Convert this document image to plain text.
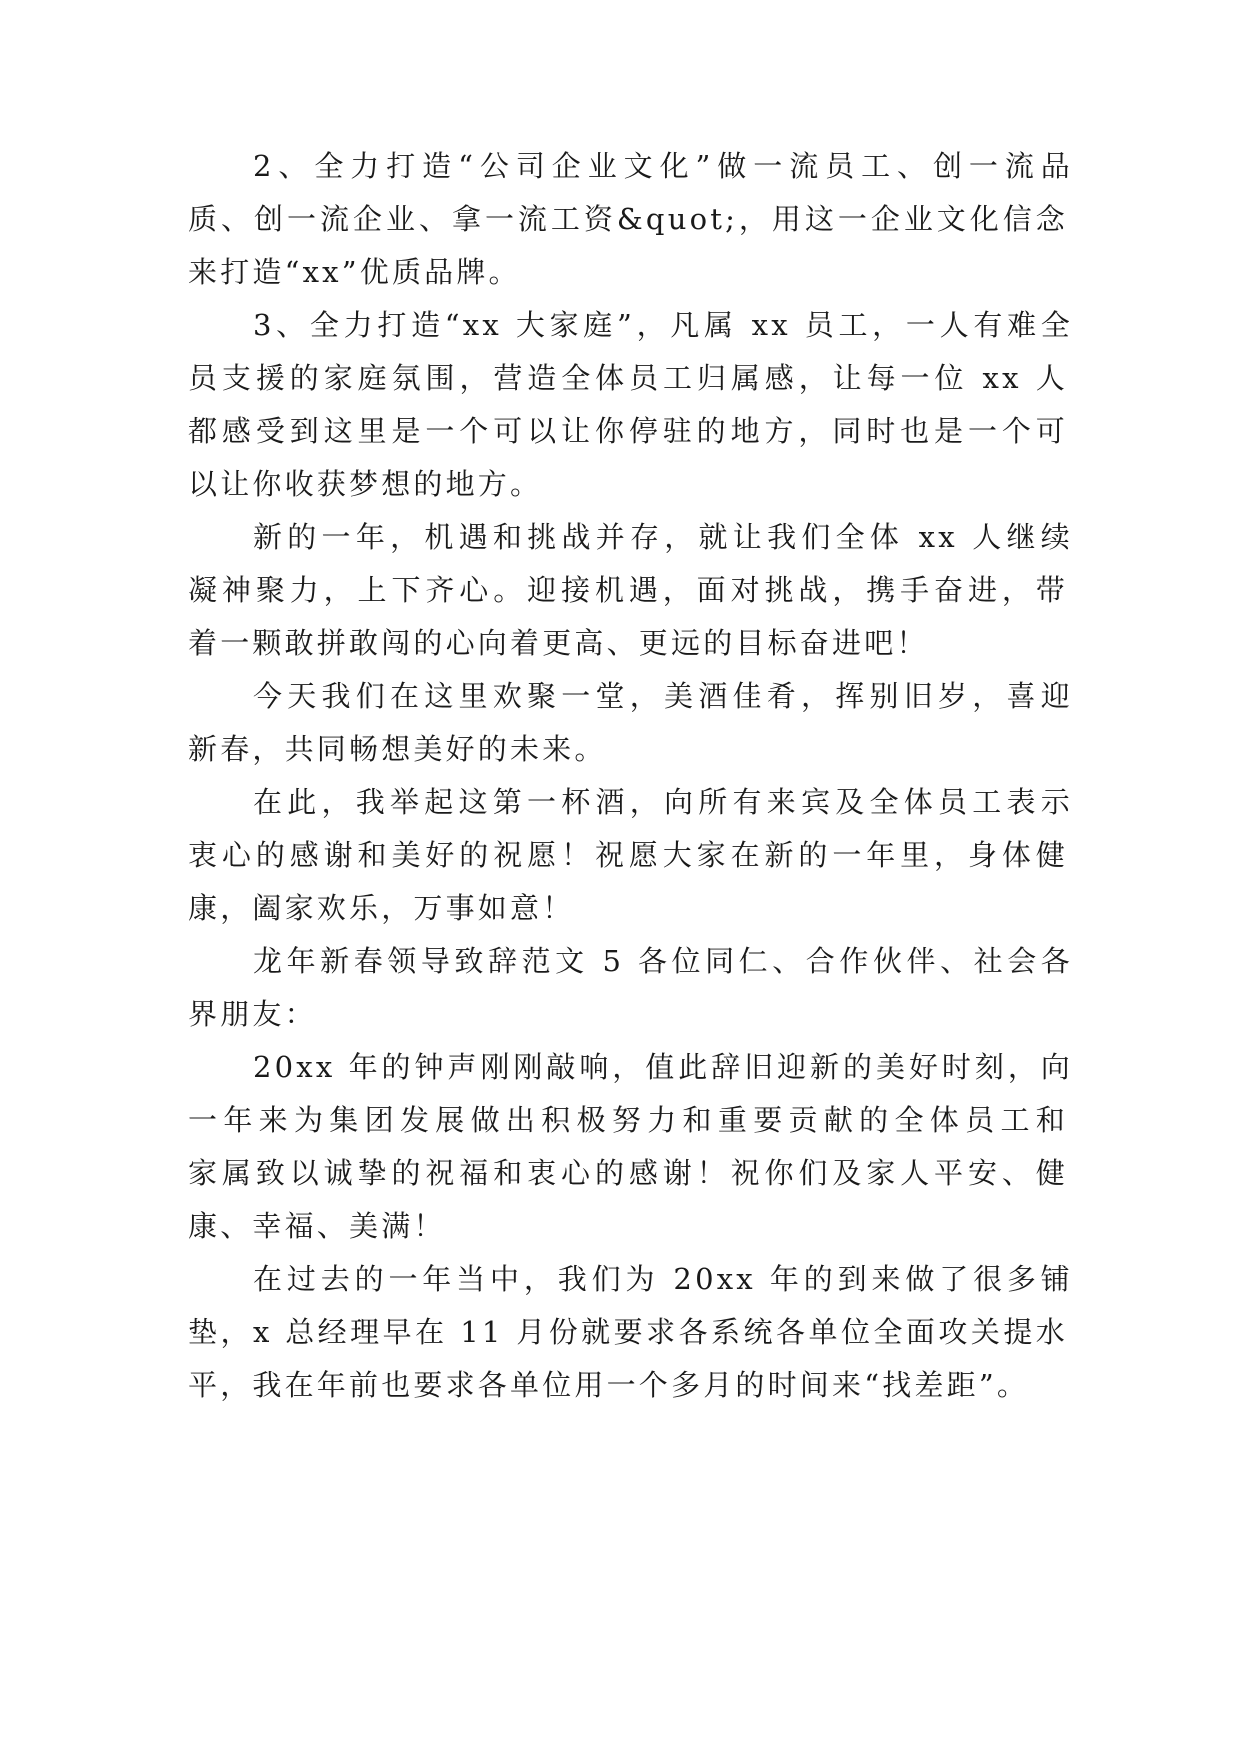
2、全力打造“公司企业文化”做一流员工、创一流品

质、创一流企业、拿一流工资&quot;，用这一企业文化信念

来打造“xx”优质品牌。

3、全力打造“xx 大家庭”，凡属 xx 员工，一人有难全

员支援的家庭氛围，营造全体员工归属感，让每一位 xx 人

都感受到这里是一个可以让你停驻的地方，同时也是一个可

以让你收获梦想的地方。

新的一年，机遇和挑战并存，就让我们全体 xx 人继续

凝神聚力，上下齐心。迎接机遇，面对挑战，携手奋进，带

着一颗敢拼敢闯的心向着更高、更远的目标奋进吧！

今天我们在这里欢聚一堂，美酒佳肴，挥别旧岁，喜迎

新春，共同畅想美好的未来。

在此，我举起这第一杯酒，向所有来宾及全体员工表示

衷心的感谢和美好的祝愿！祝愿大家在新的一年里，身体健

康，阖家欢乐，万事如意！

龙年新春领导致辞范文 5 各位同仁、合作伙伴、社会各

界朋友：

20xx 年的钟声刚刚敲响，值此辞旧迎新的美好时刻，向

一年来为集团发展做出积极努力和重要贡献的全体员工和

家属致以诚挚的祝福和衷心的感谢！祝你们及家人平安、健

康、幸福、美满！

在过去的一年当中，我们为 20xx 年的到来做了很多铺

垫，x 总经理早在 11 月份就要求各系统各单位全面攻关提水

平，我在年前也要求各单位用一个多月的时间来“找差距”。
